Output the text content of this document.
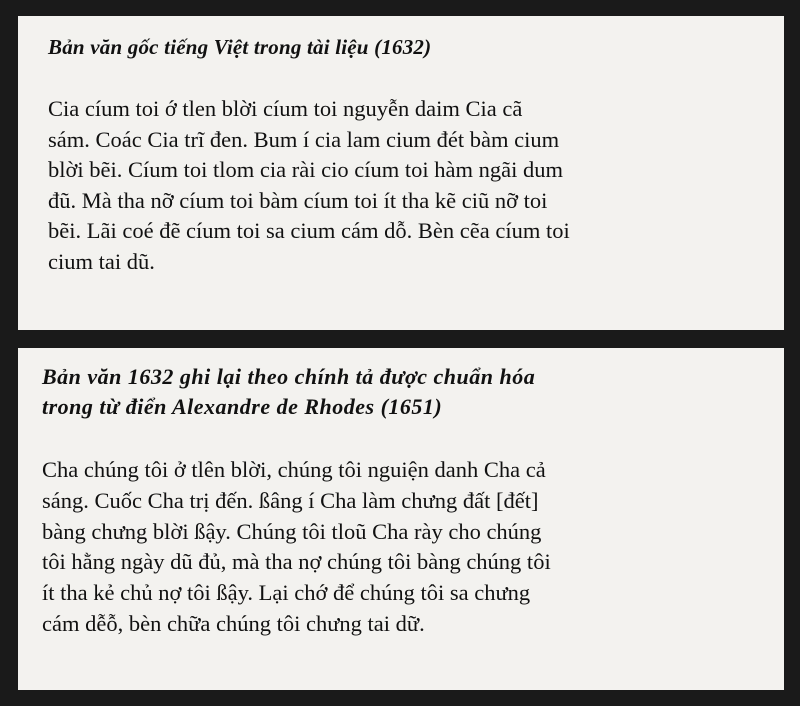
Bản văn gốc tiếng Việt trong tài liệu (1632)

Cia cíum toi ớ tlen blời cíum toi nguyễn daim Cia cã
sám. Coác Cia trĩ đen. Bum í cia lam cium đét bàm cium
blời bẽi. Cíum toi tlom cia rài cio cíum toi hàm ngãi dum
đũ. Mà tha nỡ cíum toi bàm cíum toi ít tha kẽ ciũ nỡ toi
bẽi. Lãi coé đẽ cíum toi sa cium cám dỗ. Bèn cẽa cíum toi
cium tai dũ.

Bản văn 1632 ghi lại theo chính tả được chuẩn hóa
trong từ điển Alexandre de Rhodes (1651)

Cha chúng tôi ở tlên blời, chúng tôi nguiện danh Cha cả
sáng. Cuốc Cha trị đến. ßâng í Cha làm chưng đất [đết]
bàng chưng blời ßậy. Chúng tôi tloũ Cha rày cho chúng
tôi hằng ngày dũ đủ, mà tha nợ chúng tôi bàng chúng tôi
ít tha kẻ chủ nợ tôi ßậy. Lại chớ để chúng tôi sa chưng
cám dễỗ, bèn chữa chúng tôi chưng tai dữ.
